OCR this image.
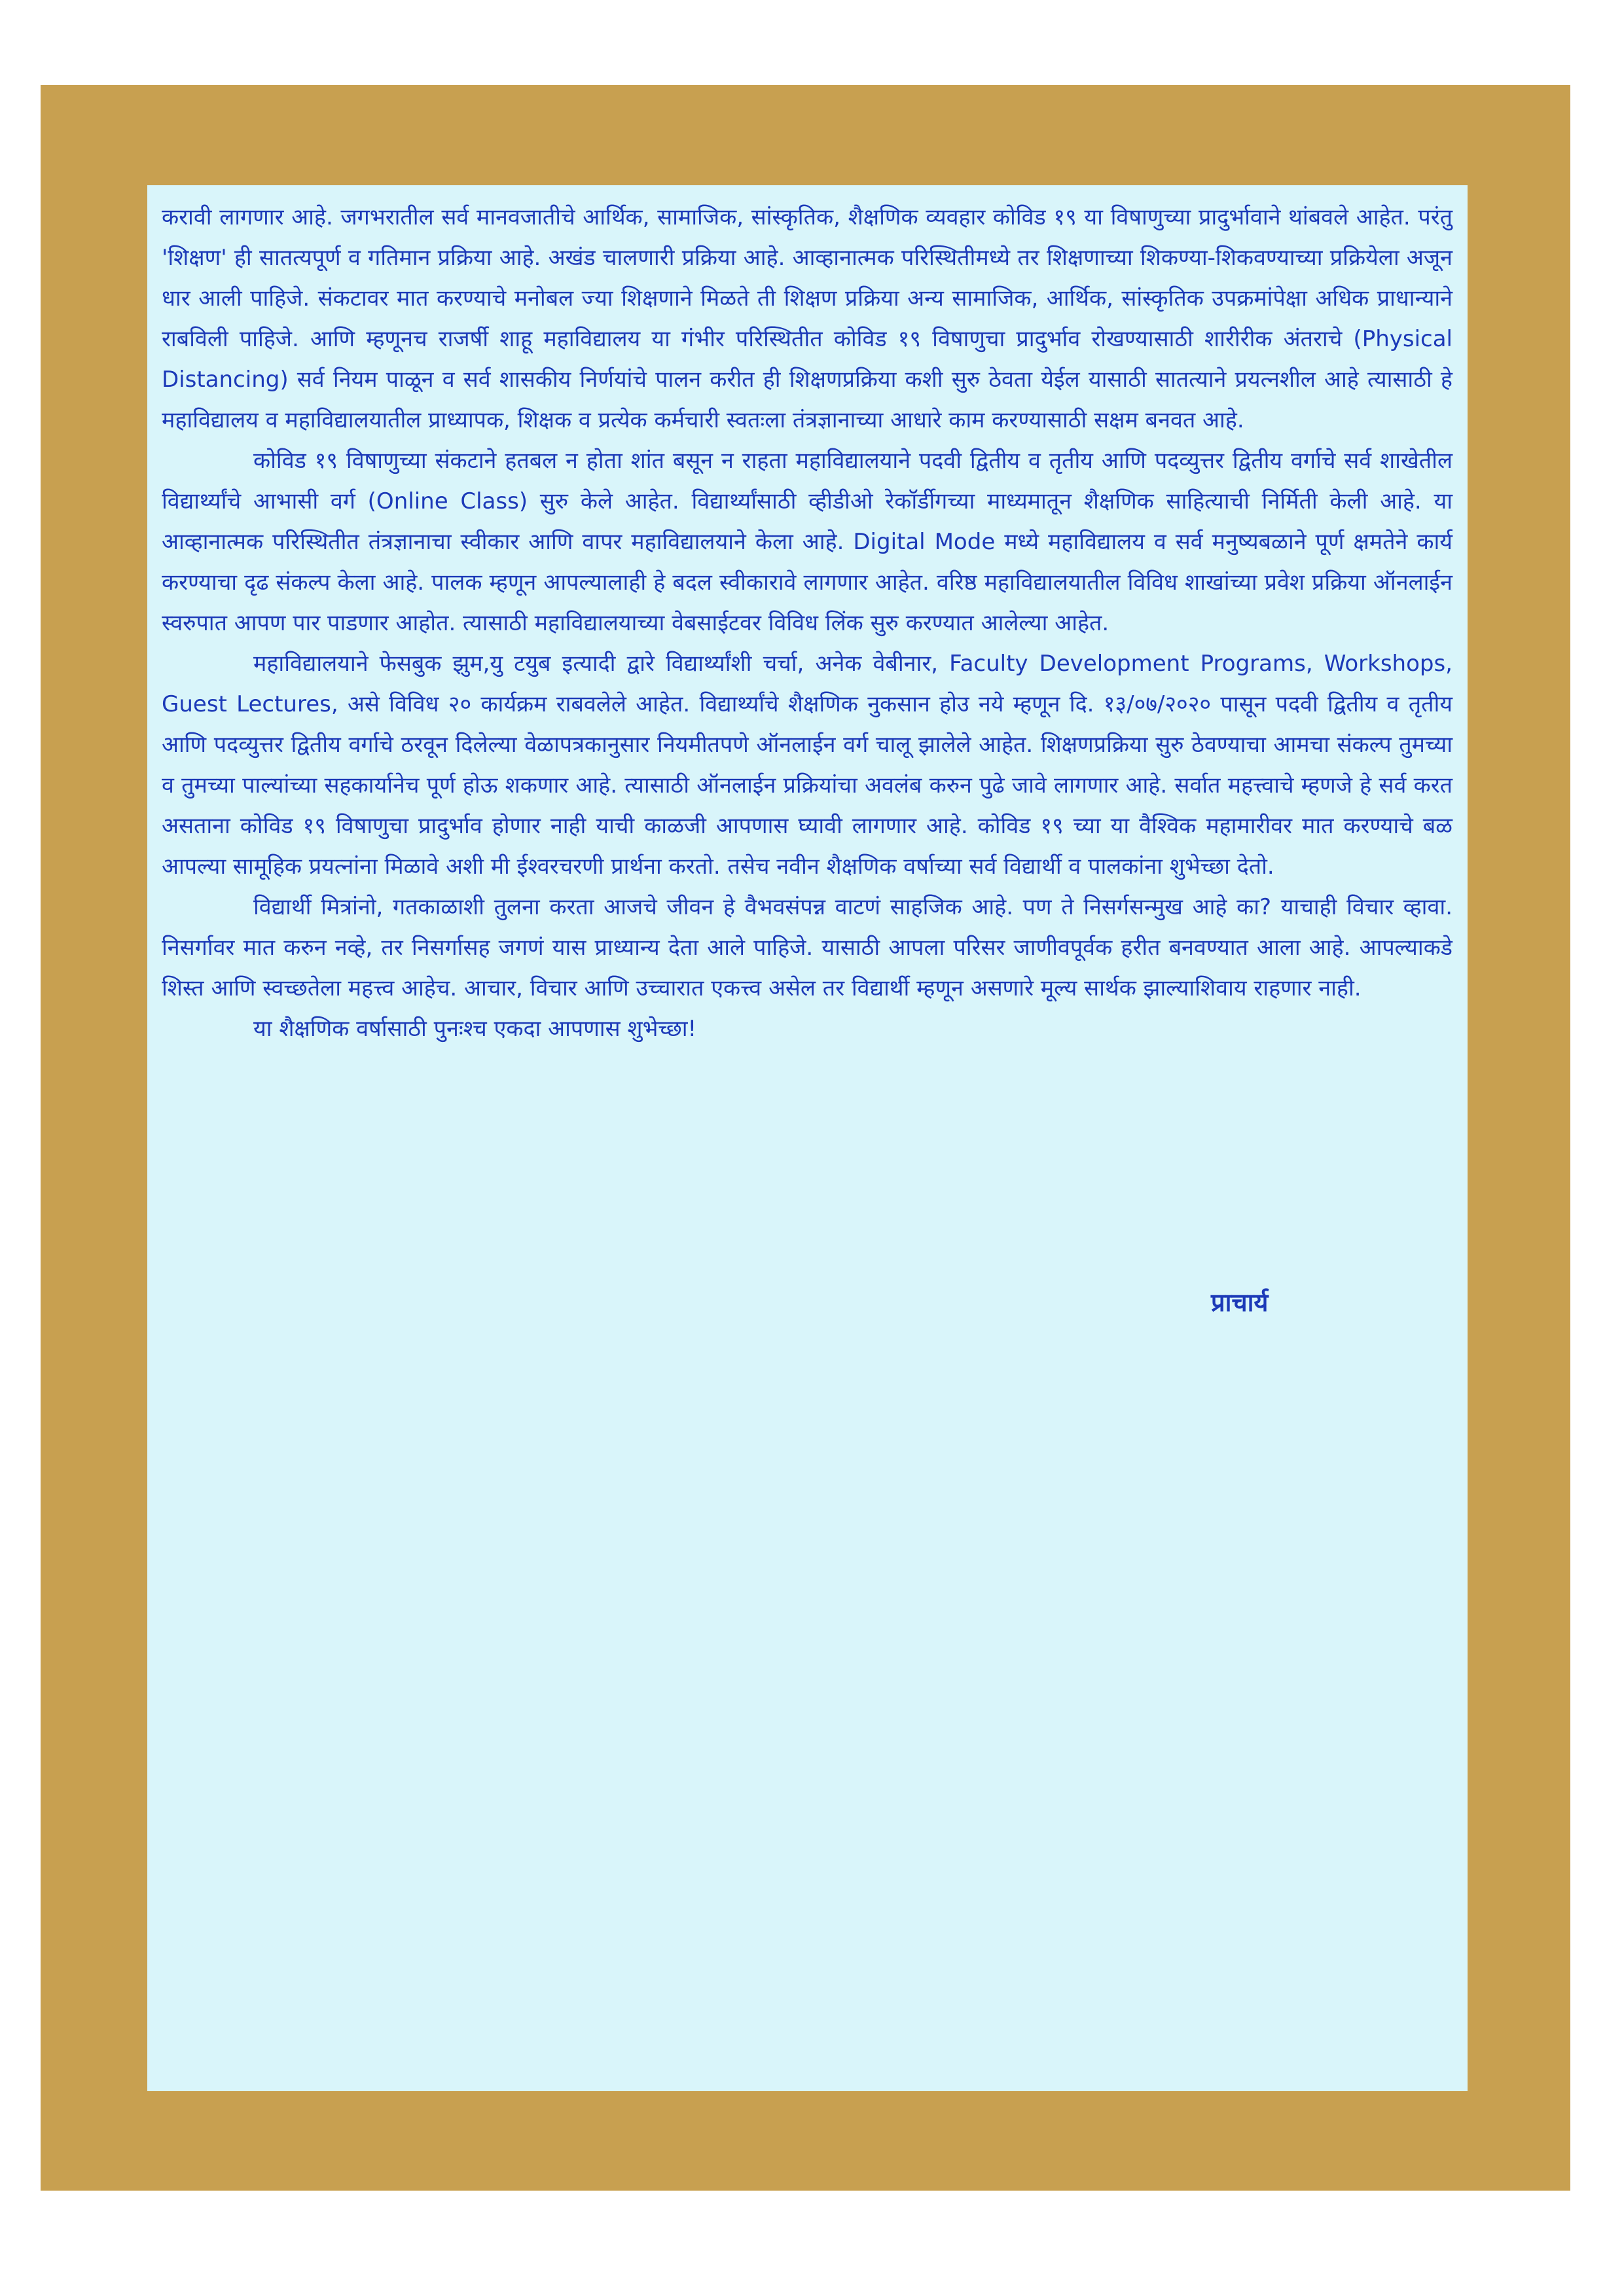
करावी लागणार आहे. जगभरातील सर्व मानवजातीचे आर्थिक, सामाजिक, सांस्कृतिक, शैक्षणिक व्यवहार कोविड १९ या विषाणुच्या प्रादुर्भावाने थांबवले आहेत. परंतु 'शिक्षण' ही सातत्यपूर्ण व गतिमान प्रक्रिया आहे. अखंड चालणारी प्रक्रिया आहे. आव्हानात्मक परिस्थितीमध्ये तर शिक्षणाच्या शिकण्या-शिकवण्याच्या प्रक्रियेला अजून धार आली पाहिजे. संकटावर मात करण्याचे मनोबल ज्या शिक्षणाने मिळते ती शिक्षण प्रक्रिया अन्य सामाजिक, आर्थिक, सांस्कृतिक उपक्रमांपेक्षा अधिक प्राधान्याने राबविली पाहिजे. आणि म्हणूनच राजर्षी शाहू महाविद्यालय या गंभीर परिस्थितीत कोविड १९ विषाणुचा प्रादुर्भाव रोखण्यासाठी शारीरीक अंतराचे (Physical Distancing) सर्व नियम पाळून व सर्व शासकीय निर्णयांचे पालन करीत ही शिक्षणप्रक्रिया कशी सुरु ठेवता येईल यासाठी सातत्याने प्रयत्नशील आहे त्यासाठी हे महाविद्यालय व महाविद्यालयातील प्राध्यापक, शिक्षक व प्रत्येक कर्मचारी स्वतःला तंत्रज्ञानाच्या आधारे काम करण्यासाठी सक्षम बनवत आहे.

कोविड १९ विषाणुच्या संकटाने हतबल न होता शांत बसून न राहता महाविद्यालयाने पदवी द्वितीय व तृतीय आणि पदव्युत्तर द्वितीय वर्गाचे सर्व शाखेतील विद्यार्थ्यांचे आभासी वर्ग (Online Class) सुरु केले आहेत. विद्यार्थ्यांसाठी व्हीडीओ रेकॉर्डीगच्या माध्यमातून शैक्षणिक साहित्याची निर्मिती केली आहे. या आव्हानात्मक परिस्थितीत तंत्रज्ञानाचा स्वीकार आणि वापर महाविद्यालयाने केला आहे. Digital Mode मध्ये महाविद्यालय व सर्व मनुष्यबळाने पूर्ण क्षमतेने कार्य करण्याचा दृढ संकल्प केला आहे. पालक म्हणून आपल्यालाही हे बदल स्वीकारावे लागणार आहेत. वरिष्ठ महाविद्यालयातील विविध शाखांच्या प्रवेश प्रक्रिया ऑनलाईन स्वरुपात आपण पार पाडणार आहोत. त्यासाठी महाविद्यालयाच्या वेबसाईटवर विविध लिंक सुरु करण्यात आलेल्या आहेत.

महाविद्यालयाने फेसबुक झुम,यु टयुब इत्यादी द्वारे विद्यार्थ्यांशी चर्चा, अनेक वेबीनार, Faculty Development Programs, Workshops, Guest Lectures, असे विविध २० कार्यक्रम राबवलेले आहेत. विद्यार्थ्यांचे शैक्षणिक नुकसान होउ नये म्हणून दि. १३/०७/२०२० पासून पदवी द्वितीय व तृतीय आणि पदव्युत्तर द्वितीय वर्गाचे ठरवून दिलेल्या वेळापत्रकानुसार नियमीतपणे ऑनलाईन वर्ग चालू झालेले आहेत. शिक्षणप्रक्रिया सुरु ठेवण्याचा आमचा संकल्प तुमच्या व तुमच्या पाल्यांच्या सहकार्यानेच पूर्ण होऊ शकणार आहे. त्यासाठी ऑनलाईन प्रक्रियांचा अवलंब करुन पुढे जावे लागणार आहे. सर्वात महत्त्वाचे म्हणजे हे सर्व करत असताना कोविड १९ विषाणुचा प्रादुर्भाव होणार नाही याची काळजी आपणास घ्यावी लागणार आहे. कोविड १९ च्या या वैश्विक महामारीवर मात करण्याचे बळ आपल्या सामूहिक प्रयत्नांना मिळावे अशी मी ईश्वरचरणी प्रार्थना करतो. तसेच नवीन शैक्षणिक वर्षाच्या सर्व विद्यार्थी व पालकांना शुभेच्छा देतो.

विद्यार्थी मित्रांनो, गतकाळाशी तुलना करता आजचे जीवन हे वैभवसंपन्न वाटणं साहजिक आहे. पण ते निसर्गसन्मुख आहे का? याचाही विचार व्हावा. निसर्गावर मात करुन नव्हे, तर निसर्गासह जगणं यास प्राध्यान्य देता आले पाहिजे. यासाठी आपला परिसर जाणीवपूर्वक हरीत बनवण्यात आला आहे. आपल्याकडे शिस्त आणि स्वच्छतेला महत्त्व आहेच. आचार, विचार आणि उच्चारात एकत्त्व असेल तर विद्यार्थी म्हणून असणारे मूल्य सार्थक झाल्याशिवाय राहणार नाही.

या शैक्षणिक वर्षासाठी पुनःश्च एकदा आपणास शुभेच्छा!

प्राचार्य
